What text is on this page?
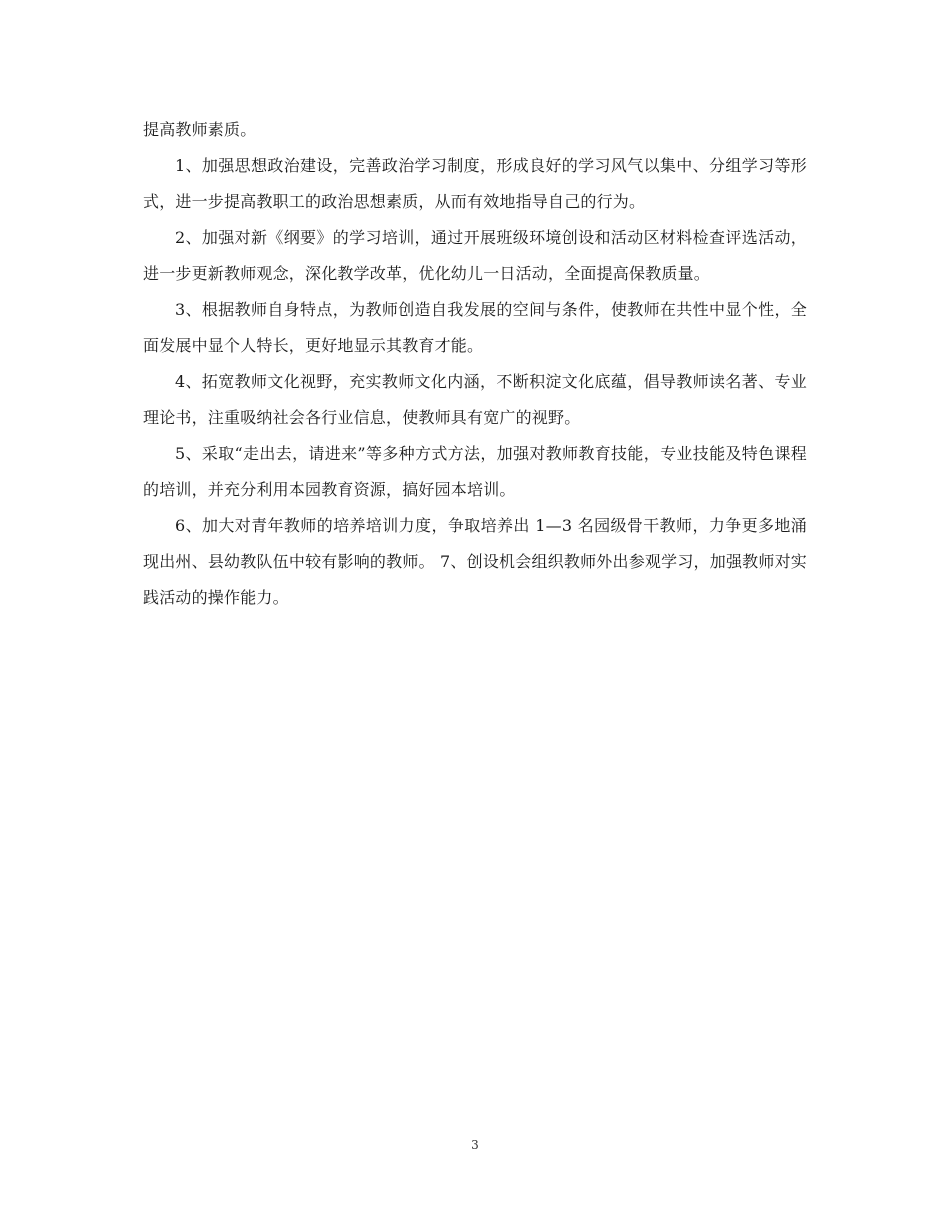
提高教师素质。

1、加强思想政治建设，完善政治学习制度，形成良好的学习风气以集中、分组学习等形式，进一步提高教职工的政治思想素质，从而有效地指导自己的行为。

2、加强对新《纲要》的学习培训，通过开展班级环境创设和活动区材料检查评选活动，进一步更新教师观念，深化教学改革，优化幼儿一日活动，全面提高保教质量。

3、根据教师自身特点，为教师创造自我发展的空间与条件，使教师在共性中显个性，全面发展中显个人特长，更好地显示其教育才能。

4、拓宽教师文化视野，充实教师文化内涵，不断积淀文化底蕴，倡导教师读名著、专业理论书，注重吸纳社会各行业信息，使教师具有宽广的视野。

5、采取“走出去，请进来”等多种方式方法，加强对教师教育技能，专业技能及特色课程的培训，并充分利用本园教育资源，搞好园本培训。

6、加大对青年教师的培养培训力度，争取培养出 1—3 名园级骨干教师，力争更多地涌现出州、县幼教队伍中较有影响的教师。 7、创设机会组织教师外出参观学习，加强教师对实践活动的操作能力。

3
